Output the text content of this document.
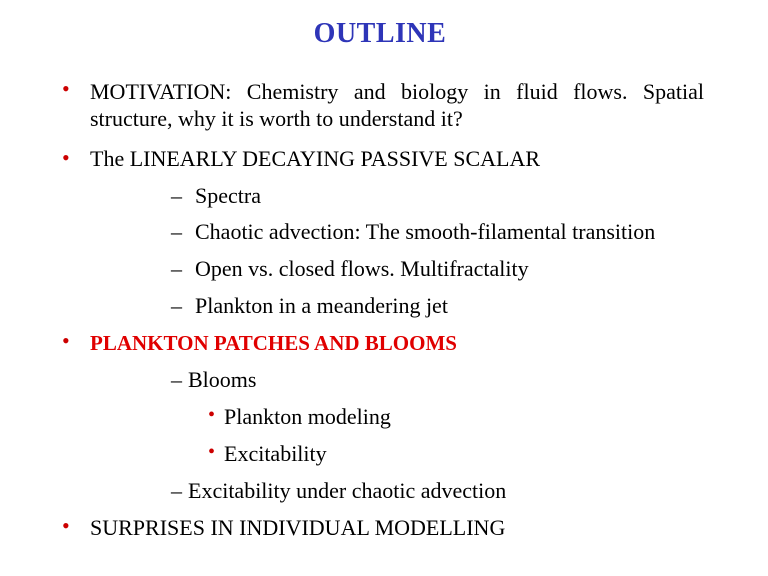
OUTLINE
• MOTIVATION: Chemistry and biology in fluid flows. Spatial structure, why it is worth to understand it?
• The LINEARLY DECAYING PASSIVE SCALAR
– Spectra
– Chaotic advection: The smooth-filamental transition
– Open vs. closed flows. Multifractality
– Plankton in a meandering jet
• PLANKTON PATCHES AND BLOOMS
– Blooms
• Plankton modeling
• Excitability
– Excitability under chaotic advection
• SURPRISES IN INDIVIDUAL MODELLING
